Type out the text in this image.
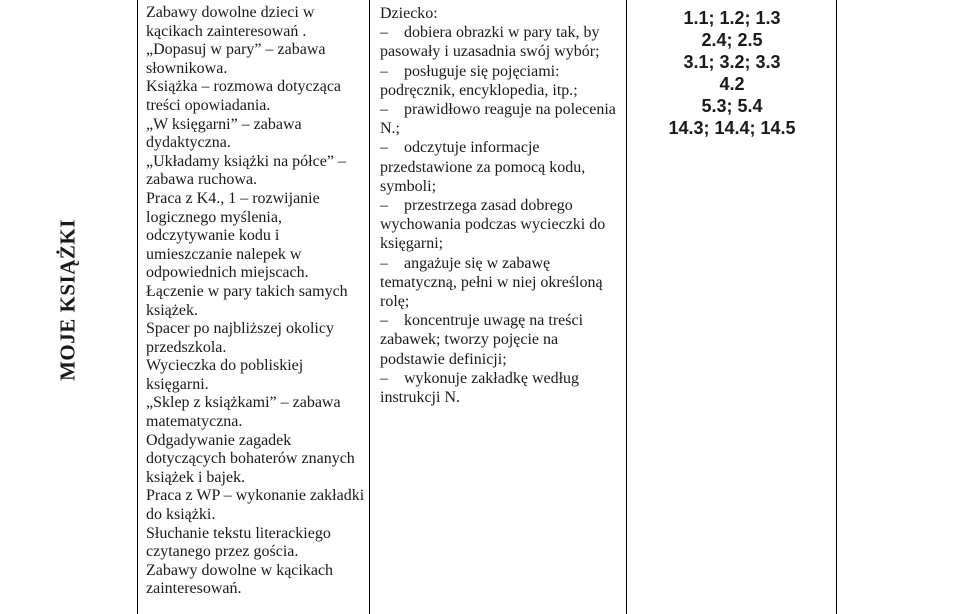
MOJE KSIĄŻKI

Zabawy dowolne dzieci w kącikach zainteresowań .

„Dopasuj w pary” – zabawa słownikowa.

Książka – rozmowa dotycząca treści opowiadania.

„W księgarni” – zabawa dydaktyczna.

„Układamy książki na półce” – zabawa ruchowa.

Praca z K4., 1 – rozwijanie logicznego myślenia, odczytywanie kodu i umieszczanie nalepek w odpowiednich miejscach.

Łączenie w pary takich samych książek.

Spacer po najbliższej okolicy przedszkola.

Wycieczka do pobliskiej księgarni.

„Sklep z książkami” – zabawa matematyczna.

Odgadywanie zagadek dotyczących bohaterów znanych książek i bajek.

Praca z WP – wykonanie zakładki do książki.

Słuchanie tekstu literackiego czytanego przez gościa.

Zabawy dowolne w kącikach zainteresowań.

Dziecko:

– dobiera obrazki w pary tak, by pasowały i uzasadnia swój wybór;

– posługuje się pojęciami: podręcznik, encyklopedia, itp.;

– prawidłowo reaguje na polecenia N.;

– odczytuje informacje przedstawione za pomocą kodu, symboli;

– przestrzega zasad dobrego wychowania podczas wycieczki do księgarni;

– angażuje się w zabawę tematyczną, pełni w niej określoną rolę;

– koncentruje uwagę na treści zabawek; tworzy pojęcie na podstawie definicji;

– wykonuje zakładkę według instrukcji N.

1.1; 1.2; 1.3

2.4; 2.5

3.1; 3.2; 3.3

4.2

5.3; 5.4

14.3; 14.4; 14.5
